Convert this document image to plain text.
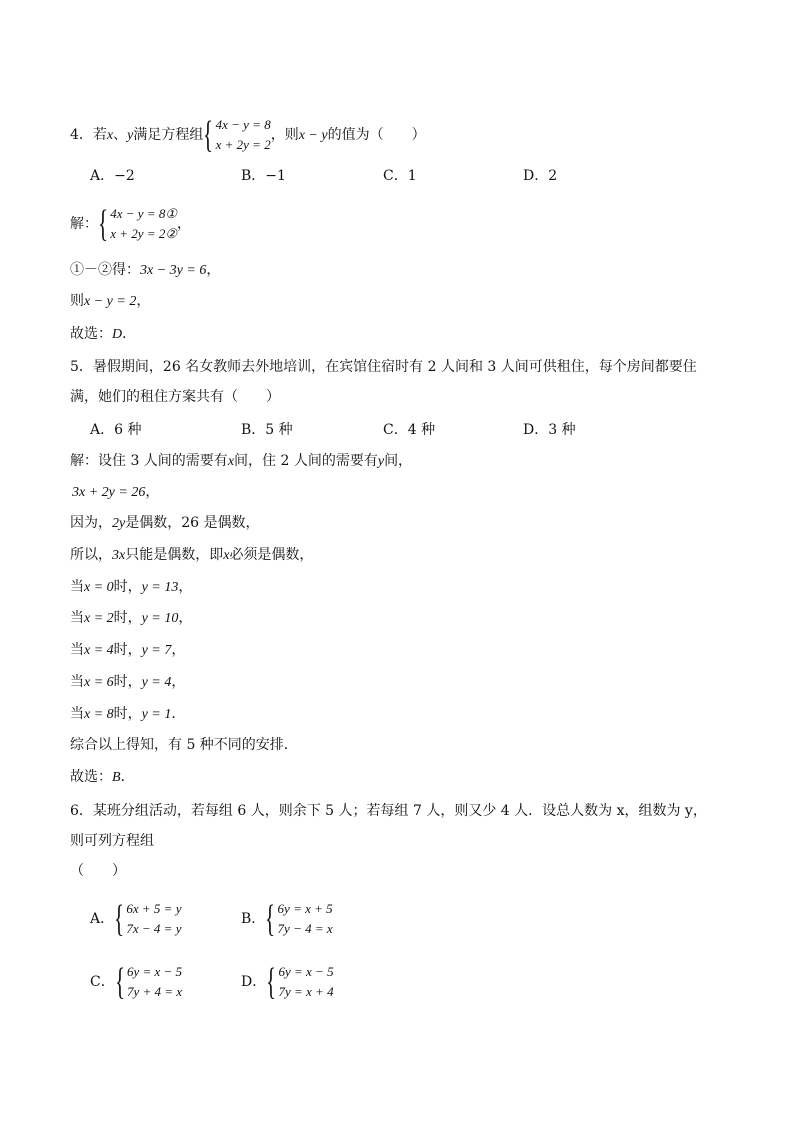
4．若x、y满足方程组 { 4x − y = 8
x + 2y = 2
，则x − y的值为（　　）
A．−2	B．−1	C．1	D．2
解： { 4x − y = 8①
x + 2y = 2②
，
①－②得：3x − 3y = 6，
则x − y = 2，
故选：D．
5．暑假期间，26 名女教师去外地培训，在宾馆住宿时有 2 人间和 3 人间可供租住，每个房间都要住满，她们的租住方案共有（　　）
A．6 种	B．5 种	C．4 种	D．3 种
解：设住 3 人间的需要有x间，住 2 人间的需要有y间，
3x + 2y = 26，
因为，2y是偶数，26 是偶数，
所以，3x只能是偶数，即x必须是偶数，
当x = 0时，y = 13，
当x = 2时，y = 10，
当x = 4时，y = 7，
当x = 6时，y = 4，
当x = 8时，y = 1．
综合以上得知，有 5 种不同的安排．
故选：B．
6．某班分组活动，若每组 6 人，则余下 5 人；若每组 7 人，则又少 4 人．设总人数为 x，组数为 y，则可列方程组
（　　）
A． { 6x + 5 = y
7x − 4 = y
B． { 6y = x + 5
7y − 4 = x
C． { 6y = x − 5
7y + 4 = x
D． { 6y = x − 5
7y = x + 4
